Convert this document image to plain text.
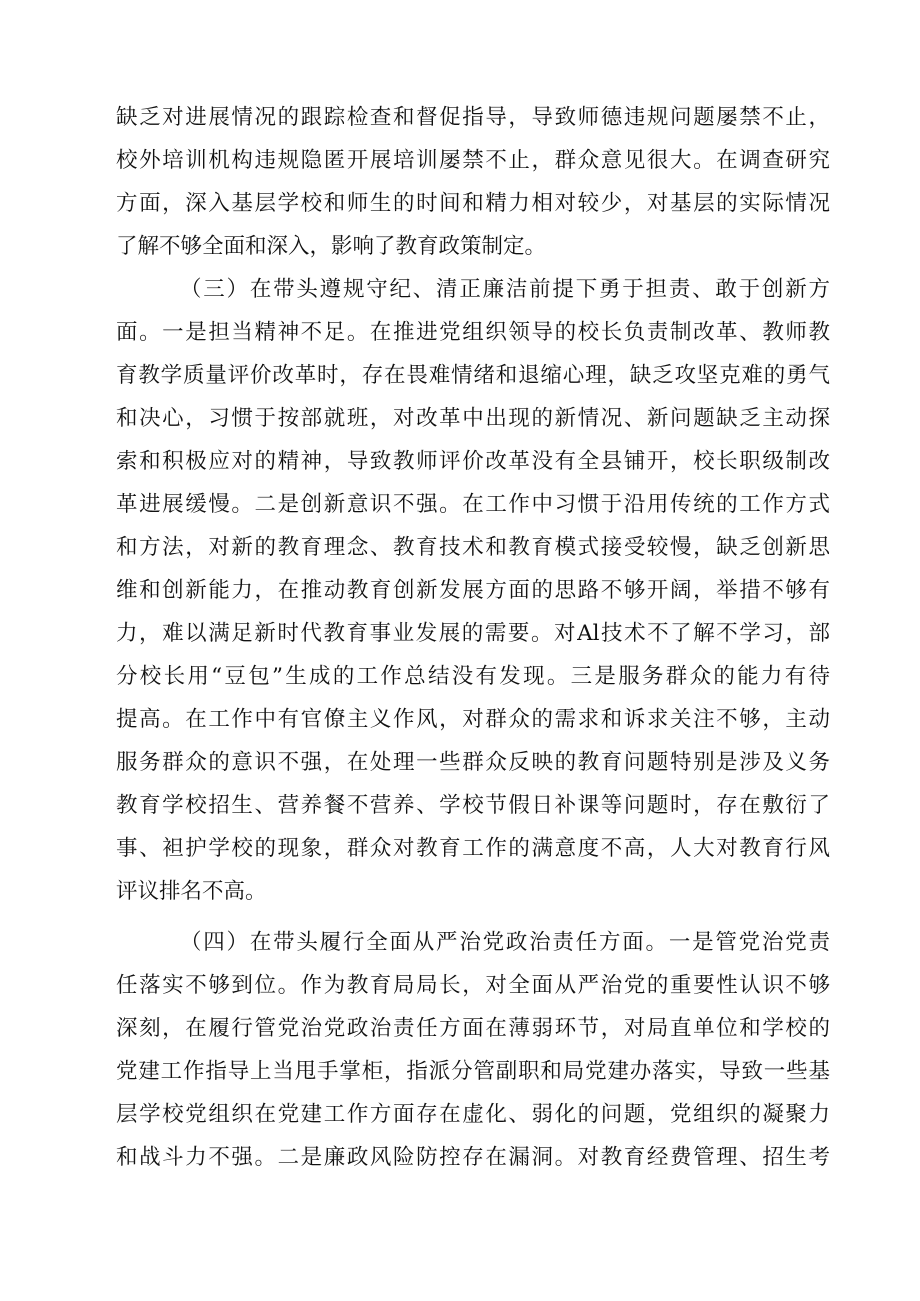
缺乏对进展情况的跟踪检查和督促指导，导致师德违规问题屡禁不止，
校外培训机构违规隐匿开展培训屡禁不止，群众意见很大。在调查研究
方面，深入基层学校和师生的时间和精力相对较少，对基层的实际情况
了解不够全面和深入，影响了教育政策制定。
（三）在带头遵规守纪、清正廉洁前提下勇于担责、敢于创新方
面。一是担当精神不足。在推进党组织领导的校长负责制改革、教师教
育教学质量评价改革时，存在畏难情绪和退缩心理，缺乏攻坚克难的勇气
和决心，习惯于按部就班，对改革中出现的新情况、新问题缺乏主动探
索和积极应对的精神，导致教师评价改革没有全县铺开，校长职级制改
革进展缓慢。二是创新意识不强。在工作中习惯于沿用传统的工作方式
和方法，对新的教育理念、教育技术和教育模式接受较慢，缺乏创新思
维和创新能力，在推动教育创新发展方面的思路不够开阔，举措不够有
力，难以满足新时代教育事业发展的需要。对Al技术不了解不学习，部
分校长用“豆包”生成的工作总结没有发现。三是服务群众的能力有待
提高。在工作中有官僚主义作风，对群众的需求和诉求关注不够，主动
服务群众的意识不强，在处理一些群众反映的教育问题特别是涉及义务
教育学校招生、营养餐不营养、学校节假日补课等问题时，存在敷衍了
事、袒护学校的现象，群众对教育工作的满意度不高，人大对教育行风
评议排名不高。
（四）在带头履行全面从严治党政治责任方面。一是管党治党责
任落实不够到位。作为教育局局长，对全面从严治党的重要性认识不够
深刻，在履行管党治党政治责任方面在薄弱环节，对局直单位和学校的
党建工作指导上当甩手掌柜，指派分管副职和局党建办落实，导致一些基
层学校党组织在党建工作方面存在虚化、弱化的问题，党组织的凝聚力
和战斗力不强。二是廉政风险防控存在漏洞。对教育经费管理、招生考
